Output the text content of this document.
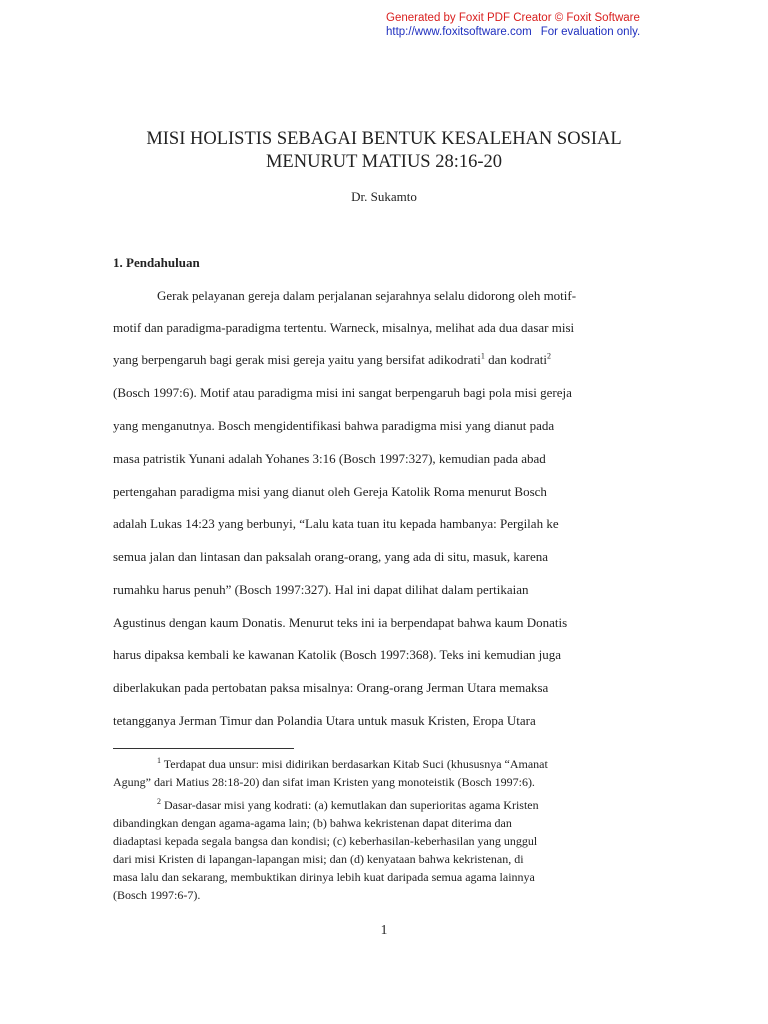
Generated by Foxit PDF Creator © Foxit Software
http://www.foxitsoftware.com For evaluation only.
MISI HOLISTIS SEBAGAI BENTUK KESALEHAN SOSIAL
MENURUT MATIUS 28:16-20
Dr. Sukamto
1. Pendahuluan
Gerak pelayanan gereja dalam perjalanan sejarahnya selalu didorong oleh motif-
motif dan paradigma-paradigma tertentu. Warneck, misalnya, melihat ada dua dasar misi
yang berpengaruh bagi gerak misi gereja yaitu yang bersifat adikodrati$^1$ dan kodrati$^2$
(Bosch 1997:6). Motif atau paradigma misi ini sangat berpengaruh bagi pola misi gereja
yang menganutnya. Bosch mengidentifikasi bahwa paradigma misi yang dianut pada
masa patristik Yunani adalah Yohanes 3:16 (Bosch 1997:327), kemudian pada abad
pertengahan paradigma misi yang dianut oleh Gereja Katolik Roma menurut Bosch
adalah Lukas 14:23 yang berbunyi, “Lalu kata tuan itu kepada hambanya: Pergilah ke
semua jalan dan lintasan dan paksalah orang-orang, yang ada di situ, masuk, karena
rumahku harus penuh” (Bosch 1997:327). Hal ini dapat dilihat dalam pertikaian
Agustinus dengan kaum Donatis. Menurut teks ini ia berpendapat bahwa kaum Donatis
harus dipaksa kembali ke kawanan Katolik (Bosch 1997:368). Teks ini kemudian juga
diberlakukan pada pertobatan paksa misalnya: Orang-orang Jerman Utara memaksa
tetangganya Jerman Timur dan Polandia Utara untuk masuk Kristen, Eropa Utara
$^1$ Terdapat dua unsur: misi didirikan berdasarkan Kitab Suci (khususnya “Amanat
Agung” dari Matius 28:18-20) dan sifat iman Kristen yang monoteistik (Bosch 1997:6).
$^2$ Dasar-dasar misi yang kodrati: (a) kemutlakan dan superioritas agama Kristen
dibandingkan dengan agama-agama lain; (b) bahwa kekristenan dapat diterima dan
diadaptasi kepada segala bangsa dan kondisi; (c) keberhasilan-keberhasilan yang unggul
dari misi Kristen di lapangan-lapangan misi; dan (d) kenyataan bahwa kekristenan, di
masa lalu dan sekarang, membuktikan dirinya lebih kuat daripada semua agama lainnya
(Bosch 1997:6-7).
1
